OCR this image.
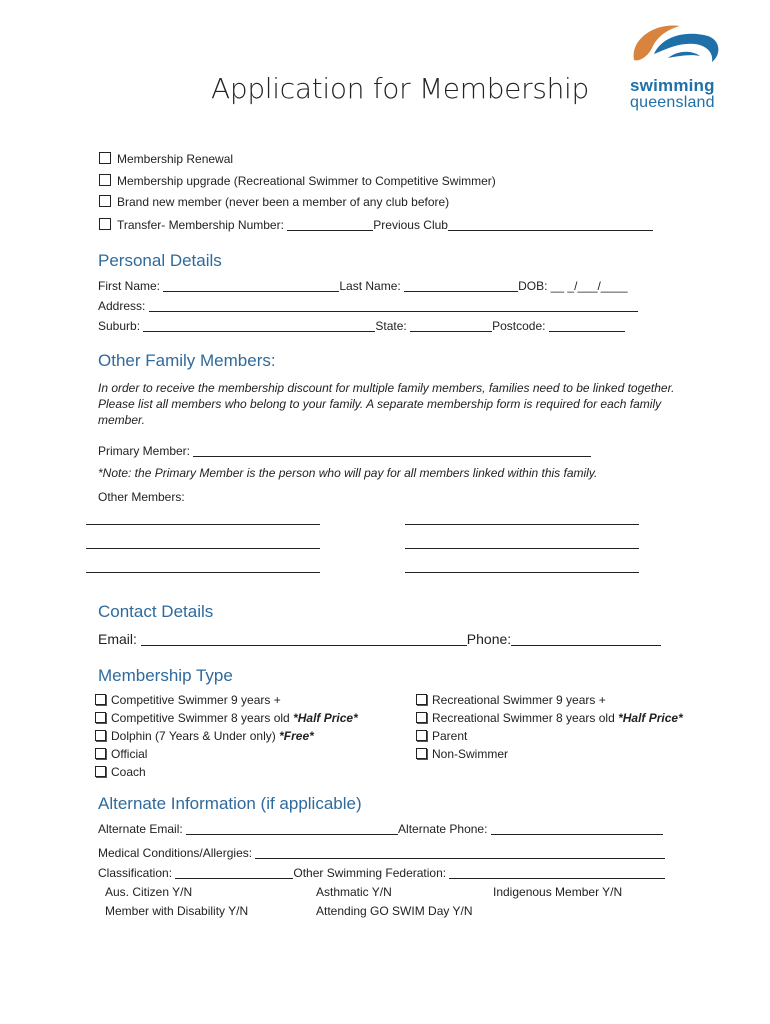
Application for Membership swimming
queensland
Membership Renewal
Membership upgrade (Recreational Swimmer to Competitive Swimmer)
Brand new member (never been a member of any club before)
Transfer- Membership Number:	Previous Club
Personal Details
First Name:	Last Name:	DOB: __ _/___/____
Address:
Suburb:	State:	Postcode:
Other Family Members:
In order to receive the membership discount for multiple family members, families need to be linked together. Please list all members who belong to your family. A separate membership form is required for each family member.
Primary Member:
*Note: the Primary Member is the person who will pay for all members linked within this family.
Other Members:
Contact Details
Email:	Phone:
Membership Type
Competitive Swimmer 9 years +
Competitive Swimmer 8 years old *Half Price*
Dolphin (7 Years & Under only) *Free*
Official
Coach
Recreational Swimmer 9 years +
Recreational Swimmer 8 years old *Half Price*
Parent
Non-Swimmer
Alternate Information (if applicable)
Alternate Email:	Alternate Phone:
Medical Conditions/Allergies:
Classification:	Other Swimming Federation:
Aus. Citizen Y/N	Asthmatic Y/N	Indigenous Member Y/N
Member with Disability Y/N	Attending GO SWIM Day Y/N
